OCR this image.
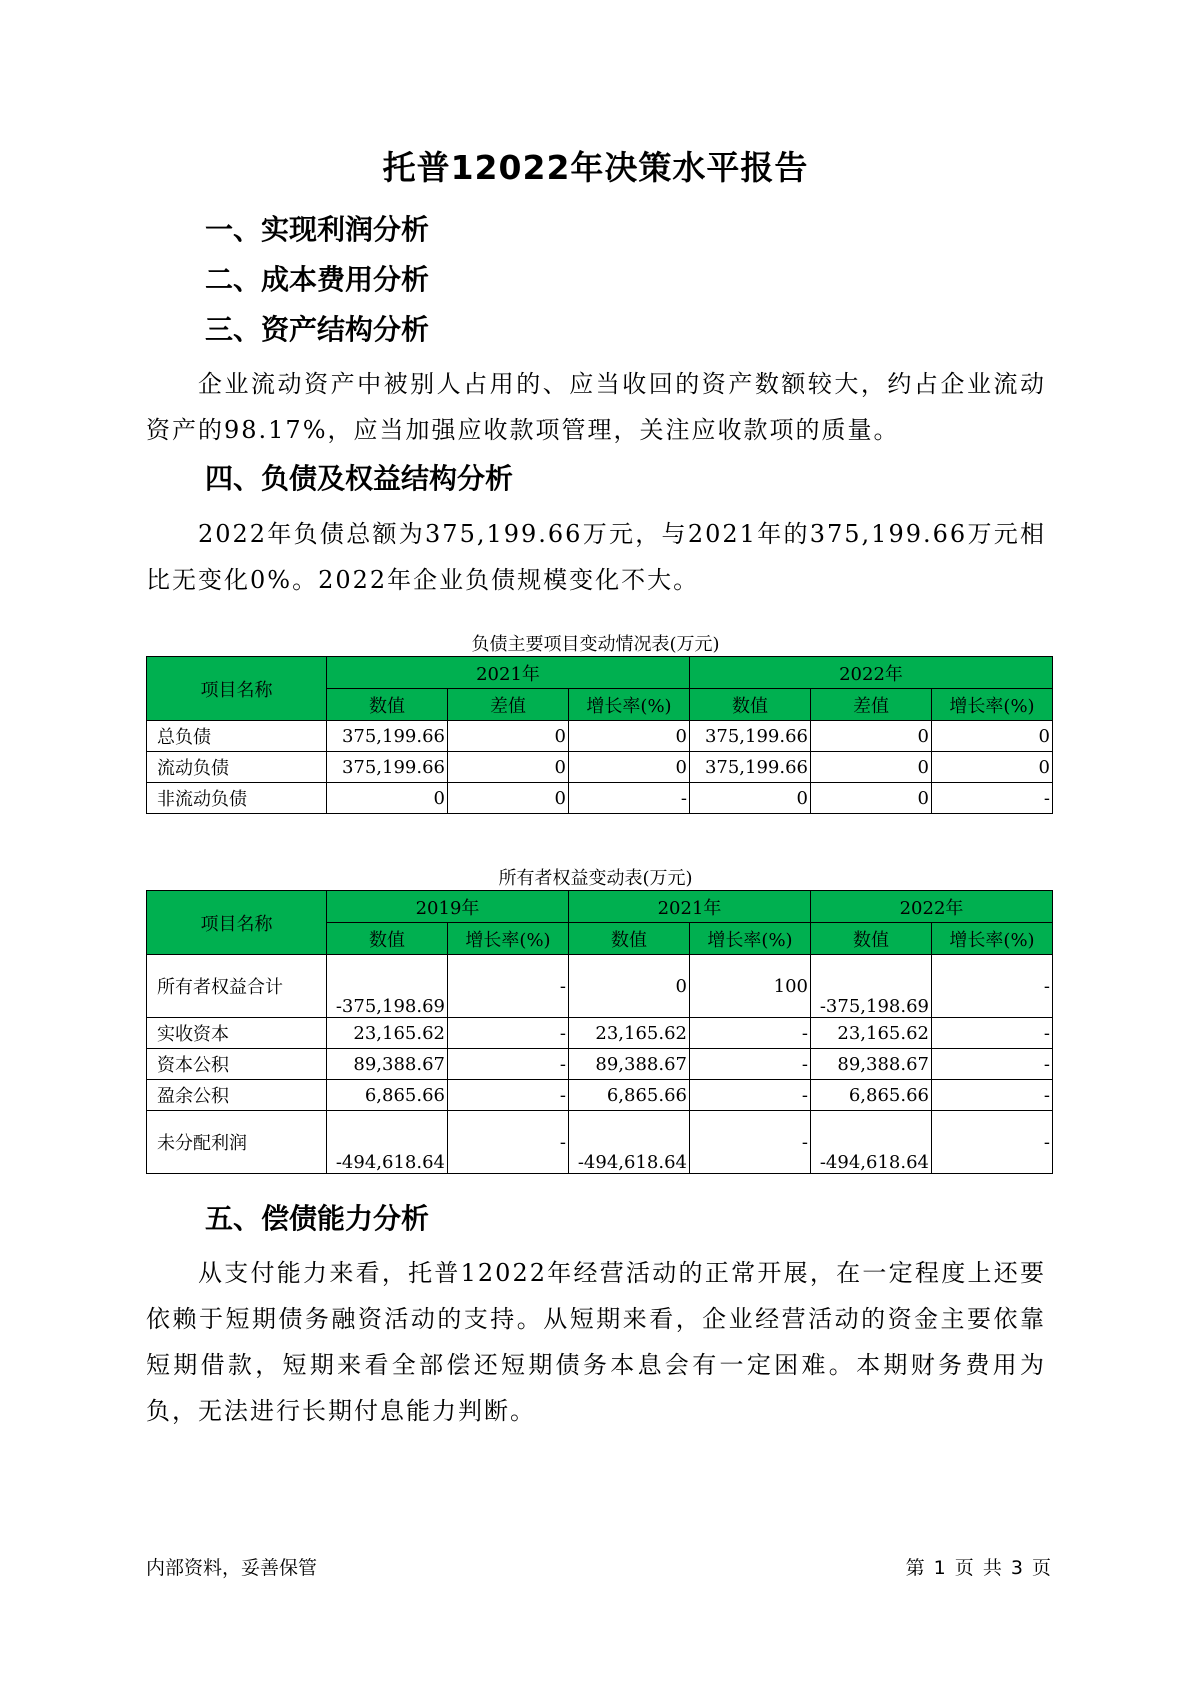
托普12022年决策水平报告
一、实现利润分析
二、成本费用分析
三、资产结构分析
企业流动资产中被别人占用的、应当收回的资产数额较大，约占企业流动资产的98.17%，应当加强应收款项管理，关注应收款项的质量。
四、负债及权益结构分析
2022年负债总额为375,199.66万元，与2021年的375,199.66万元相比无变化0%。2022年企业负债规模变化不大。
负债主要项目变动情况表(万元)
项目名称	2021年			2022年		
	数值	差值	增长率(%)	数值	差值	增长率(%)
总负债	375,199.66	0	0	375,199.66	0	0
流动负债	375,199.66	0	0	375,199.66	0	0
非流动负债	0	0	-	0	0	-
所有者权益变动表(万元)
项目名称	2019年		2021年		2022年	
	数值	增长率(%)	数值	增长率(%)	数值	增长率(%)
所有者权益合计	-375,198.69	-	0	100	-375,198.69	-
实收资本	23,165.62	-	23,165.62	-	23,165.62	-
资本公积	89,388.67	-	89,388.67	-	89,388.67	-
盈余公积	6,865.66	-	6,865.66	-	6,865.66	-
未分配利润	-494,618.64	-	-494,618.64	-	-494,618.64	-
五、偿债能力分析
从支付能力来看，托普12022年经营活动的正常开展，在一定程度上还要依赖于短期债务融资活动的支持。从短期来看，企业经营活动的资金主要依靠短期借款，短期来看全部偿还短期债务本息会有一定困难。本期财务费用为负，无法进行长期付息能力判断。
内部资料，妥善保管	第 1 页 共 3 页
